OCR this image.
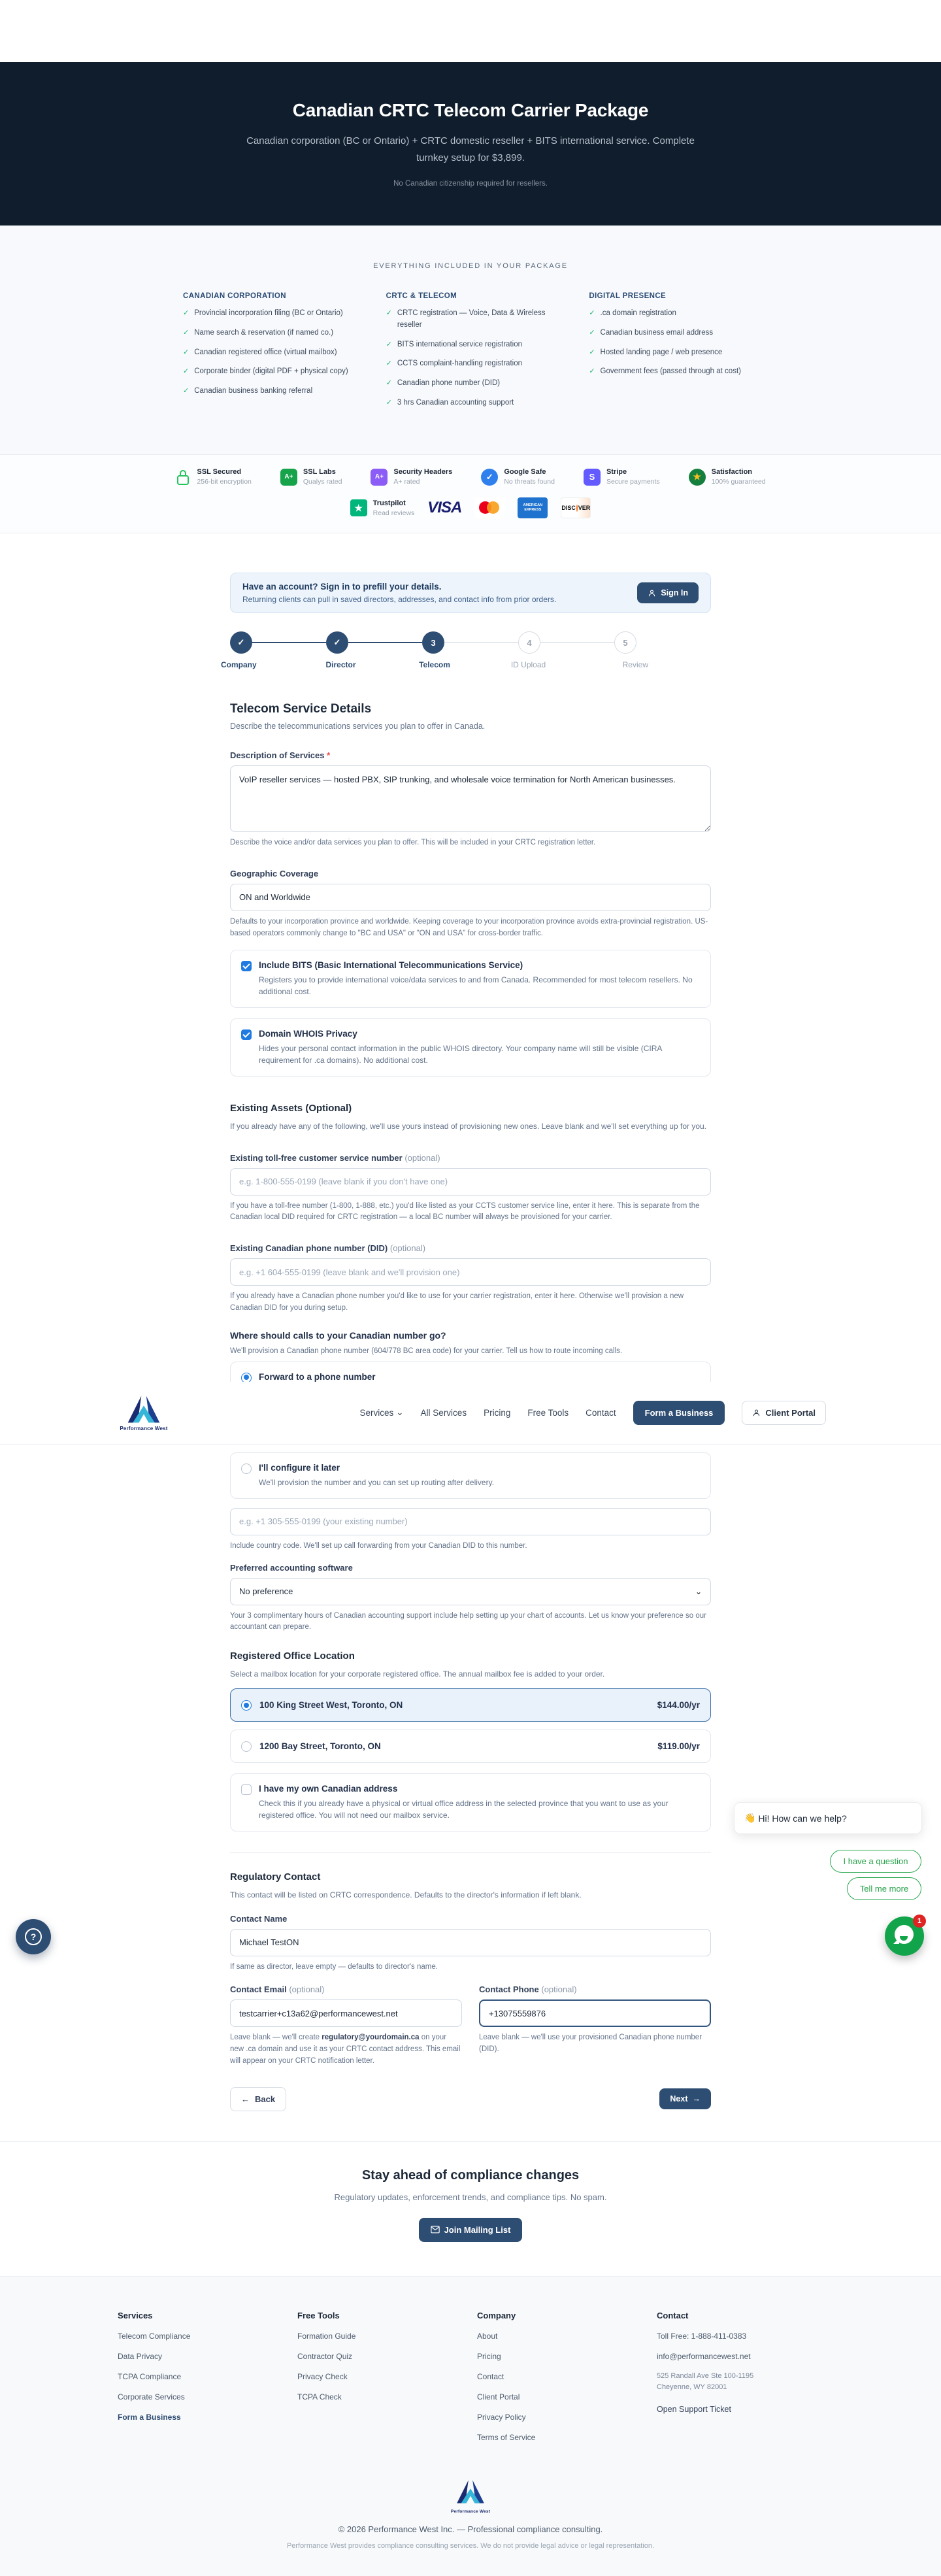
Canadian CRTC Telecom Carrier Package
Canadian corporation (BC or Ontario) + CRTC domestic reseller + BITS international service. Complete turnkey setup for $3,899.
No Canadian citizenship required for resellers.
EVERYTHING INCLUDED IN YOUR PACKAGE
CANADIAN CORPORATION
✓ Provincial incorporation filing (BC or Ontario)
✓ Name search & reservation (if named co.)
✓ Canadian registered office (virtual mailbox)
✓ Corporate binder (digital PDF + physical copy)
✓ Canadian business banking referral
CRTC & TELECOM
✓ CRTC registration — Voice, Data & Wireless reseller
✓ BITS international service registration
✓ CCTS complaint-handling registration
✓ Canadian phone number (DID)
✓ 3 hrs Canadian accounting support
DIGITAL PRESENCE
✓ .ca domain registration
✓ Canadian business email address
✓ Hosted landing page / web presence
✓ Government fees (passed through at cost)
SSL Secured
256-bit encryption
A+
SSL Labs
Qualys rated
A+
Security Headers
A+ rated
✓	Google Safe
No threats found	S	Stripe
Secure payments	★	Satisfaction
100% guaranteed
★	Trustpilot
Read reviews VISA	AMERICAN EXPRESS	DISC VER
Have an account? Sign in to prefill your details.
Returning clients can pull in saved directors, addresses, and contact info from prior orders.
Sign In
✓	✓	3	4	5
Company	Director	Telecom	ID Upload	Review
Telecom Service Details
Describe the telecommunications services you plan to offer in Canada.
Description of Services *
VoIP reseller services — hosted PBX, SIP trunking, and wholesale voice termination for North American businesses.
Describe the voice and/or data services you plan to offer. This will be included in your CRTC registration letter.
Geographic Coverage
ON and Worldwide
Defaults to your incorporation province and worldwide. Keeping coverage to your incorporation province avoids extra-provincial registration. US-based operators commonly change to "BC and USA" or "ON and USA" for cross-border traffic.
Include BITS (Basic International Telecommunications Service)
Registers you to provide international voice/data services to and from Canada. Recommended for most telecom resellers. No additional cost.
Domain WHOIS Privacy
Hides your personal contact information in the public WHOIS directory. Your company name will still be visible (CIRA requirement for .ca domains). No additional cost.
Existing Assets (Optional)
If you already have any of the following, we'll use yours instead of provisioning new ones. Leave blank and we'll set everything up for you.
Existing toll-free customer service number (optional)
e.g. 1-800-555-0199 (leave blank if you don't have one)
If you have a toll-free number (1-800, 1-888, etc.) you'd like listed as your CCTS customer service line, enter it here. This is separate from the Canadian local DID required for CRTC registration — a local BC number will always be provisioned for your carrier.
Existing Canadian phone number (DID) (optional)
e.g. +1 604-555-0199 (leave blank and we'll provision one)
If you already have a Canadian phone number you'd like to use for your carrier registration, enter it here. Otherwise we'll provision a new Canadian DID for you during setup.
Where should calls to your Canadian number go?
We'll provision a Canadian phone number (604/778 BC area code) for your carrier. Tell us how to route incoming calls.
Forward to a phone number
Performance West
Services ⌄ All Services Pricing Free Tools Contact	Form a Business	Client Portal
I'll configure it later
We'll provision the number and you can set up routing after delivery.
e.g. +1 305-555-0199 (your existing number)
Include country code. We'll set up call forwarding from your Canadian DID to this number.
Preferred accounting software
No preference	⌄
Your 3 complimentary hours of Canadian accounting support include help setting up your chart of accounts. Let us know your preference so our accountant can prepare.
Registered Office Location
Select a mailbox location for your corporate registered office. The annual mailbox fee is added to your order.
100 King Street West, Toronto, ON	$144.00/yr
1200 Bay Street, Toronto, ON	$119.00/yr
I have my own Canadian address
Check this if you already have a physical or virtual office address in the selected province that you want to use as your registered office. You will not need our mailbox service.
Regulatory Contact
This contact will be listed on CRTC correspondence. Defaults to the director's information if left blank.
Contact Name
Michael TestON
If same as director, leave empty — defaults to director's name.
Contact Email (optional)
testcarrier+c13a62@performancewest.net
Leave blank — we'll create regulatory@yourdomain.ca on your new .ca domain and use it as your CRTC contact address. This email will appear on your CRTC notification letter.
Contact Phone (optional)
+13075559876
Leave blank — we'll use your provisioned Canadian phone number (DID).
← Back	Next →
Stay ahead of compliance changes
Regulatory updates, enforcement trends, and compliance tips. No spam.
Join Mailing List
Services
Telecom Compliance
Data Privacy
TCPA Compliance
Corporate Services
Form a Business
Free Tools
Formation Guide
Contractor Quiz
Privacy Check
TCPA Check
Company
About
Pricing
Contact
Client Portal
Privacy Policy
Terms of Service
Contact
Toll Free: 1-888-411-0383
info@performancewest.net
525 Randall Ave Ste 100-1195
Cheyenne, WY 82001
Open Support Ticket
Performance West
© 2026 Performance West Inc. — Professional compliance consulting.
Performance West provides compliance consulting services. We do not provide legal advice or legal representation.
?
👋
Hi! How can we help?
I have a question
Tell me more
1
